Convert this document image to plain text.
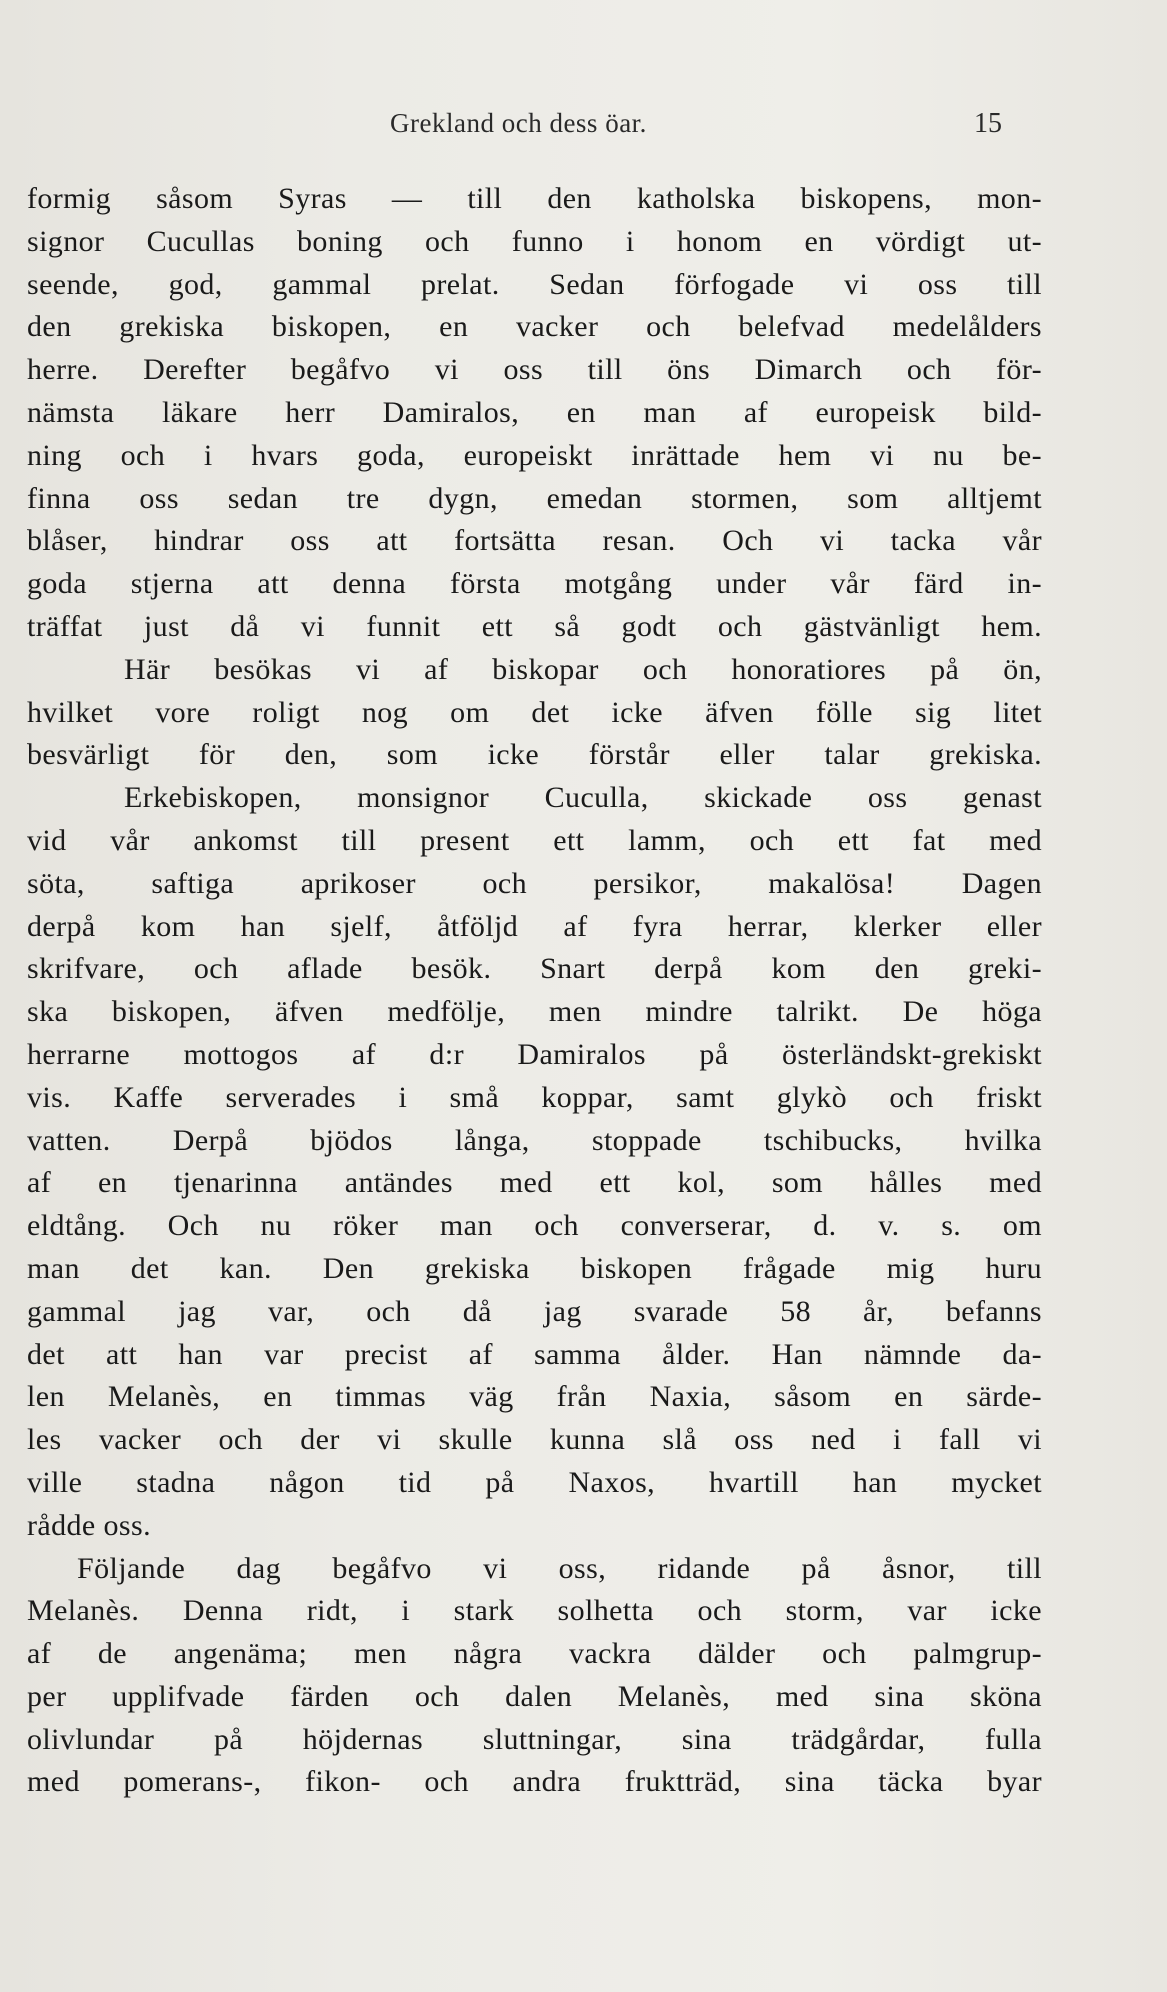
Grekland och dess öar.	15
formig såsom Syras — till den katholska biskopens, mon-
signor Cucullas boning och funno i honom en vördigt ut-
seende, god, gammal prelat. Sedan förfogade vi oss till
den grekiska biskopen, en vacker och belefvad medelålders
herre. Derefter begåfvo vi oss till öns Dimarch och för-
nämsta läkare herr Damiralos, en man af europeisk bild-
ning och i hvars goda, europeiskt inrättade hem vi nu be-
finna oss sedan tre dygn, emedan stormen, som alltjemt
blåser, hindrar oss att fortsätta resan. Och vi tacka vår
goda stjerna att denna första motgång under vår färd in-
träffat just då vi funnit ett så godt och gästvänligt hem.
Här besökas vi af biskopar och honoratiores på ön,
hvilket vore roligt nog om det icke äfven fölle sig litet
besvärligt för den, som icke förstår eller talar grekiska.
Erkebiskopen, monsignor Cuculla, skickade oss genast
vid vår ankomst till present ett lamm, och ett fat med
söta, saftiga aprikoser och persikor, makalösa! Dagen
derpå kom han sjelf, åtföljd af fyra herrar, klerker eller
skrifvare, och aflade besök. Snart derpå kom den greki-
ska biskopen, äfven medfölje, men mindre talrikt. De höga
herrarne mottogos af d:r Damiralos på österländskt-grekiskt
vis. Kaffe serverades i små koppar, samt glykò och friskt
vatten. Derpå bjödos långa, stoppade tschibucks, hvilka
af en tjenarinna antändes med ett kol, som hålles med
eldtång. Och nu röker man och converserar, d. v. s. om
man det kan. Den grekiska biskopen frågade mig huru
gammal jag var, och då jag svarade 58 år, befanns
det att han var precist af samma ålder. Han nämnde da-
len Melanès, en timmas väg från Naxia, såsom en särde-
les vacker och der vi skulle kunna slå oss ned i fall vi
ville stadna någon tid på Naxos, hvartill han mycket
rådde oss.
Följande dag begåfvo vi oss, ridande på åsnor, till
Melanès. Denna ridt, i stark solhetta och storm, var icke
af de angenäma; men några vackra dälder och palmgrup-
per upplifvade färden och dalen Melanès, med sina sköna
olivlundar på höjdernas sluttningar, sina trädgårdar, fulla
med pomerans-, fikon- och andra fruktträd, sina täcka byar
